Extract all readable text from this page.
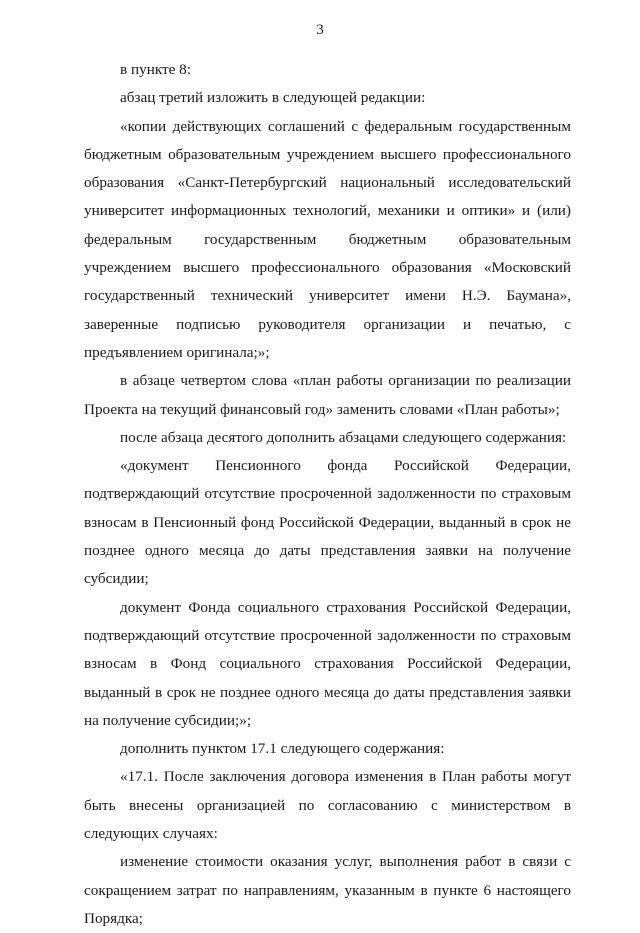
3

в пункте 8:

абзац третий изложить в следующей редакции:

«копии действующих соглашений с федеральным государственным бюджетным образовательным учреждением высшего профессионального образования «Санкт-Петербургский национальный исследовательский университет информационных технологий, механики и оптики» и (или) федеральным государственным бюджетным образовательным учреждением высшего профессионального образования «Московский государственный технический университет имени Н.Э. Баумана», заверенные подписью руководителя организации и печатью, с предъявлением оригинала;»;

в абзаце четвертом слова «план работы организации по реализации Проекта на текущий финансовый год» заменить словами «План работы»;

после абзаца десятого дополнить абзацами следующего содержания:

«документ Пенсионного фонда Российской Федерации, подтверждающий отсутствие просроченной задолженности по страховым взносам в Пенсионный фонд Российской Федерации, выданный в срок не позднее одного месяца до даты представления заявки на получение субсидии;

документ Фонда социального страхования Российской Федерации, подтверждающий отсутствие просроченной задолженности по страховым взносам в Фонд социального страхования Российской Федерации, выданный в срок не позднее одного месяца до даты представления заявки на получение субсидии;»;

дополнить пунктом 17.1 следующего содержания:

«17.1. После заключения договора изменения в План работы могут быть внесены организацией по согласованию с министерством в следующих случаях:

изменение стоимости оказания услуг, выполнения работ в связи с сокращением затрат по направлениям, указанным в пункте 6 настоящего Порядка;
